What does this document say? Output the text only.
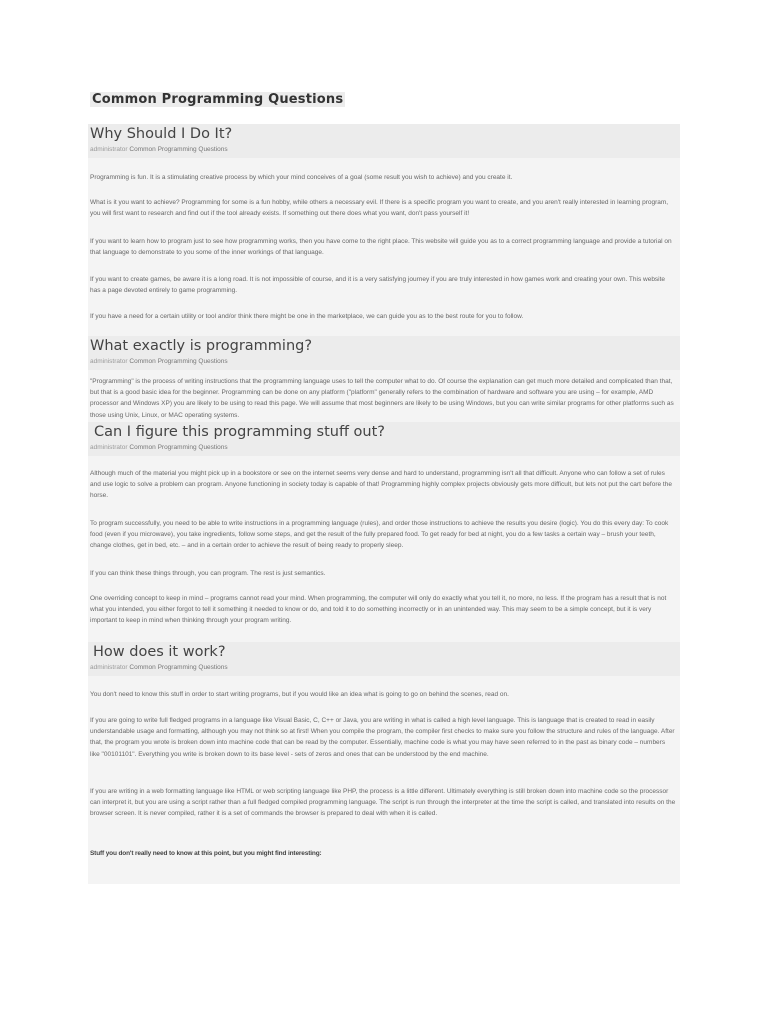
Common Programming Questions
Why Should I Do It?
administrator Common Programming Questions
Programming is fun. It is a stimulating creative process by which your mind conceives of a goal (some result you wish to achieve) and you create it.
What is it you want to achieve? Programming for some is a fun hobby, while others a necessary evil. If there is a specific program you want to create, and you aren't really interested in learning program, you will first want to research and find out if the tool already exists. If something out there does what you want, don't pass yourself it!
If you want to learn how to program just to see how programming works, then you have come to the right place. This website will guide you as to a correct programming language and provide a tutorial on that language to demonstrate to you some of the inner workings of that language.
If you want to create games, be aware it is a long road. It is not impossible of course, and it is a very satisfying journey if you are truly interested in how games work and creating your own. This website has a page devoted entirely to game programming.
If you have a need for a certain utility or tool and/or think there might be one in the marketplace, we can guide you as to the best route for you to follow.
What exactly is programming?
administrator Common Programming Questions
"Programming" is the process of writing instructions that the programming language uses to tell the computer what to do. Of course the explanation can get much more detailed and complicated than that, but that is a good basic idea for the beginner. Programming can be done on any platform ("platform" generally refers to the combination of hardware and software you are using – for example, AMD processor and Windows XP) you are likely to be using to read this page. We will assume that most beginners are likely to be using Windows, but you can write similar programs for other platforms such as those using Unix, Linux, or MAC operating systems.
Can I figure this programming stuff out?
administrator Common Programming Questions
Although much of the material you might pick up in a bookstore or see on the internet seems very dense and hard to understand, programming isn't all that difficult. Anyone who can follow a set of rules and use logic to solve a problem can program. Anyone functioning in society today is capable of that! Programming highly complex projects obviously gets more difficult, but lets not put the cart before the horse.
To program successfully, you need to be able to write instructions in a programming language (rules), and order those instructions to achieve the results you desire (logic). You do this every day: To cook food (even if you microwave), you take ingredients, follow some steps, and get the result of the fully prepared food. To get ready for bed at night, you do a few tasks a certain way – brush your teeth, change clothes, get in bed, etc. – and in a certain order to achieve the result of being ready to properly sleep.
If you can think these things through, you can program. The rest is just semantics.
One overriding concept to keep in mind – programs cannot read your mind. When programming, the computer will only do exactly what you tell it, no more, no less. If the program has a result that is not what you intended, you either forgot to tell it something it needed to know or do, and told it to do something incorrectly or in an unintended way. This may seem to be a simple concept, but it is very important to keep in mind when thinking through your program writing.
How does it work?
administrator Common Programming Questions
You don't need to know this stuff in order to start writing programs, but if you would like an idea what is going to go on behind the scenes, read on.
If you are going to write full fledged programs in a language like Visual Basic, C, C++ or Java, you are writing in what is called a high level language. This is language that is created to read in easily understandable usage and formatting, although you may not think so at first! When you compile the program, the compiler first checks to make sure you follow the structure and rules of the language. After that, the program you wrote is broken down into machine code that can be read by the computer. Essentially, machine code is what you may have seen referred to in the past as binary code – numbers like "00101101". Everything you write is broken down to its base level - sets of zeros and ones that can be understood by the end machine.
If you are writing in a web formatting language like HTML or web scripting language like PHP, the process is a little different. Ultimately everything is still broken down into machine code so the processor can interpret it, but you are using a script rather than a full fledged compiled programming language. The script is run through the interpreter at the time the script is called, and translated into results on the browser screen. It is never compiled, rather it is a set of commands the browser is prepared to deal with when it is called.
Stuff you don't really need to know at this point, but you might find interesting:
